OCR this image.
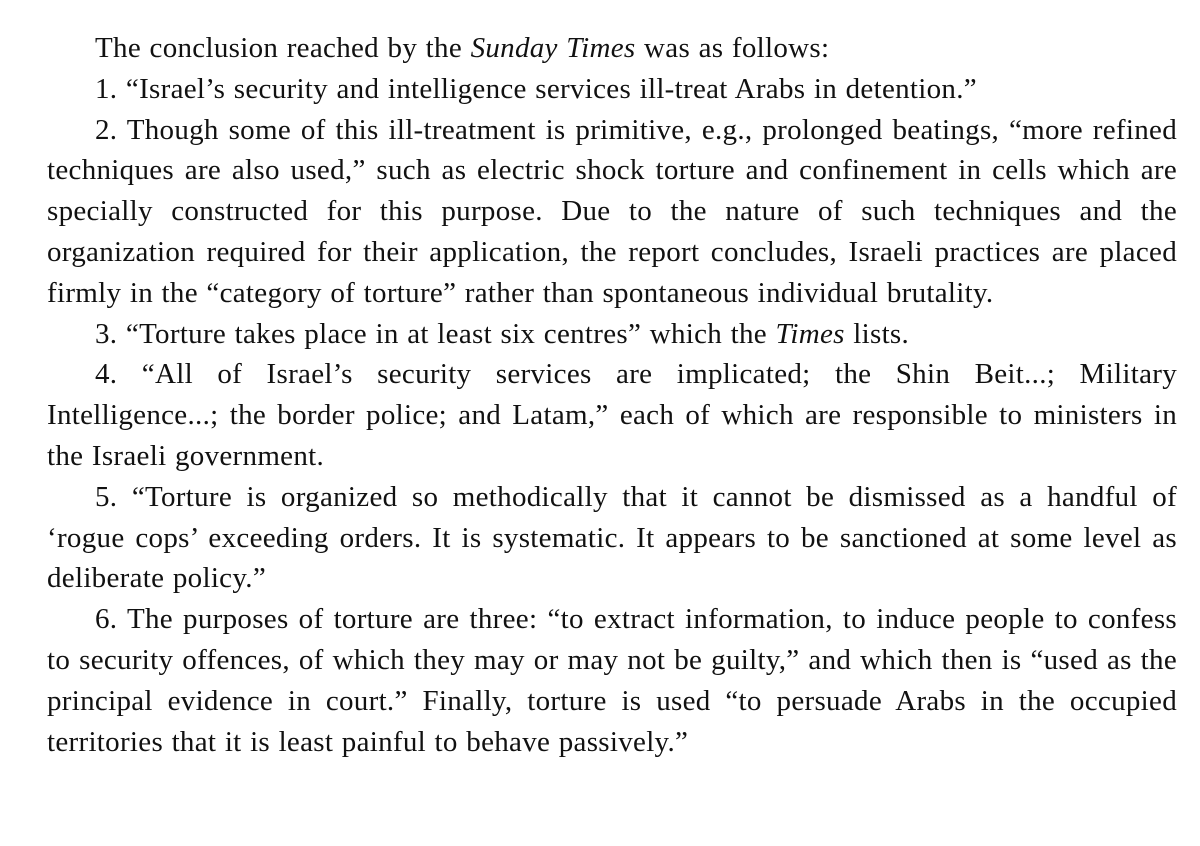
The conclusion reached by the Sunday Times was as follows:

1. “Israel’s security and intelligence services ill-treat Arabs in detention.”

2. Though some of this ill-treatment is primitive, e.g., prolonged beatings, “more refined techniques are also used,” such as electric shock torture and confinement in cells which are specially constructed for this purpose. Due to the nature of such techniques and the organization required for their application, the report concludes, Israeli practices are placed firmly in the “category of torture” rather than spontaneous individual brutality.

3. “Torture takes place in at least six centres” which the Times lists.

4. “All of Israel’s security services are implicated; the Shin Beit...; Military Intelligence...; the border police; and Latam,” each of which are responsible to ministers in the Israeli government.

5. “Torture is organized so methodically that it cannot be dismissed as a handful of ‘rogue cops’ exceeding orders. It is systematic. It appears to be sanctioned at some level as deliberate policy.”

6. The purposes of torture are three: “to extract information, to induce people to confess to security offences, of which they may or may not be guilty,” and which then is “used as the principal evidence in court.” Finally, torture is used “to persuade Arabs in the occupied territories that it is least painful to behave passively.”
